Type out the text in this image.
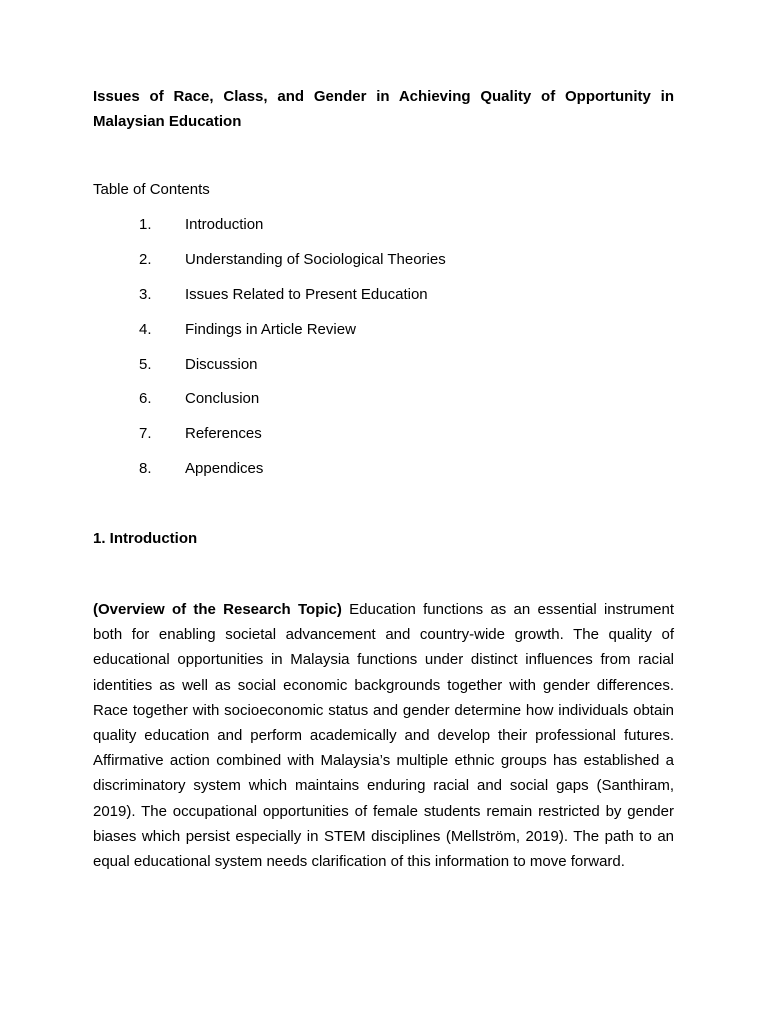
Issues of Race, Class, and Gender in Achieving Quality of Opportunity in Malaysian Education
Table of Contents
1. Introduction
2. Understanding of Sociological Theories
3. Issues Related to Present Education
4. Findings in Article Review
5. Discussion
6. Conclusion
7. References
8. Appendices
1. Introduction

(Overview of the Research Topic) Education functions as an essential instrument both for enabling societal advancement and country-wide growth. The quality of educational opportunities in Malaysia functions under distinct influences from racial identities as well as social economic backgrounds together with gender differences. Race together with socioeconomic status and gender determine how individuals obtain quality education and perform academically and develop their professional futures. Affirmative action combined with Malaysia’s multiple ethnic groups has established a discriminatory system which maintains enduring racial and social gaps (Santhiram, 2019). The occupational opportunities of female students remain restricted by gender biases which persist especially in STEM disciplines (Mellström, 2019). The path to an equal educational system needs clarification of this information to move forward.
